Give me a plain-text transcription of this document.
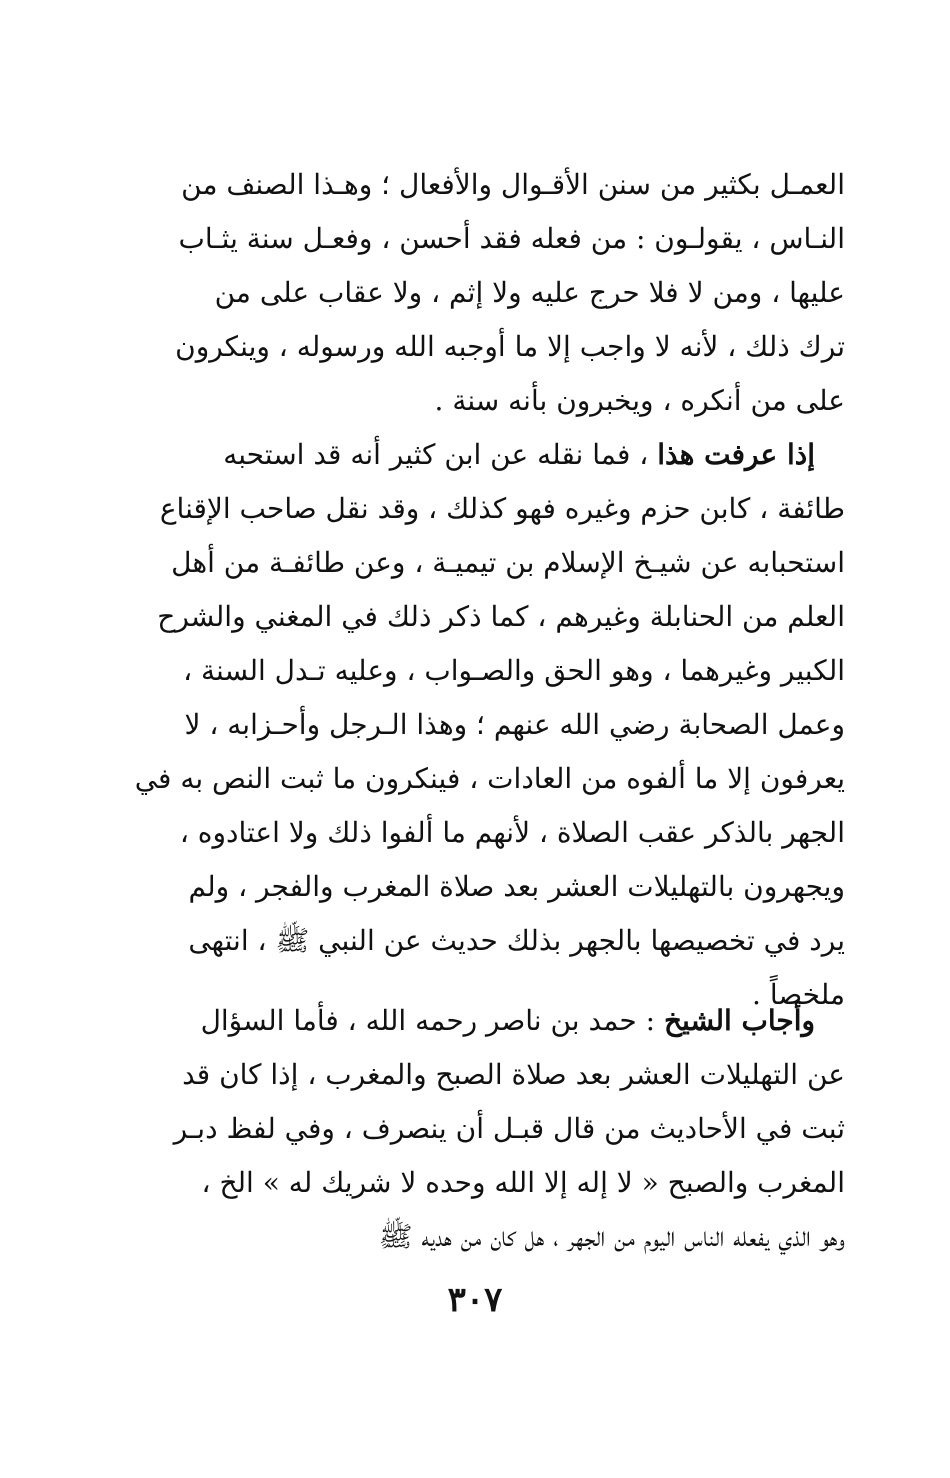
العمـل بكثير من سنن الأقـوال والأفعال ؛ وهـذا الصنف من
النـاس ، يقولـون : من فعله فقد أحسن ، وفعـل سنة يثـاب
عليها ، ومن لا فلا حرج عليه ولا إثم ، ولا عقاب على من
ترك ذلك ، لأنه لا واجب إلا ما أوجبه الله ورسوله ، وينكرون
على من أنكره ، ويخبرون بأنه سنة .
إذا عرفت هذا ، فما نقله عن ابن كثير أنه قد استحبه
طائفة ، كابن حزم وغيره فهو كذلك ، وقد نقل صاحب الإقناع
استحبابه عن شيـخ الإسلام بن تيميـة ، وعن طائفـة من أهل
العلم من الحنابلة وغيرهم ، كما ذكر ذلك في المغني والشرح
الكبير وغيرهما ، وهو الحق والصـواب ، وعليه تـدل السنة ،
وعمل الصحابة رضي الله عنهم ؛ وهذا الـرجل وأحـزابه ، لا
يعرفون إلا ما ألفوه من العادات ، فينكرون ما ثبت النص به في
الجهر بالذكر عقب الصلاة ، لأنهم ما ألفوا ذلك ولا اعتادوه ،
ويجهرون بالتهليلات العشر بعد صلاة المغرب والفجر ، ولم
يرد في تخصيصها بالجهر بذلك حديث عن النبي ﷺ ، انتهى
ملخصاً .
وأجاب الشيخ : حمد بن ناصر رحمه الله ، فأما السؤال
عن التهليلات العشر بعد صلاة الصبح والمغرب ، إذا كان قد
ثبت في الأحاديث من قال قبـل أن ينصرف ، وفي لفظ دبـر
المغرب والصبح « لا إله إلا الله وحده لا شريك له » الخ ،
وهو الذي يفعله الناس اليوم من الجهر ، هل كان من هديه ﷺ
٣٠٧
